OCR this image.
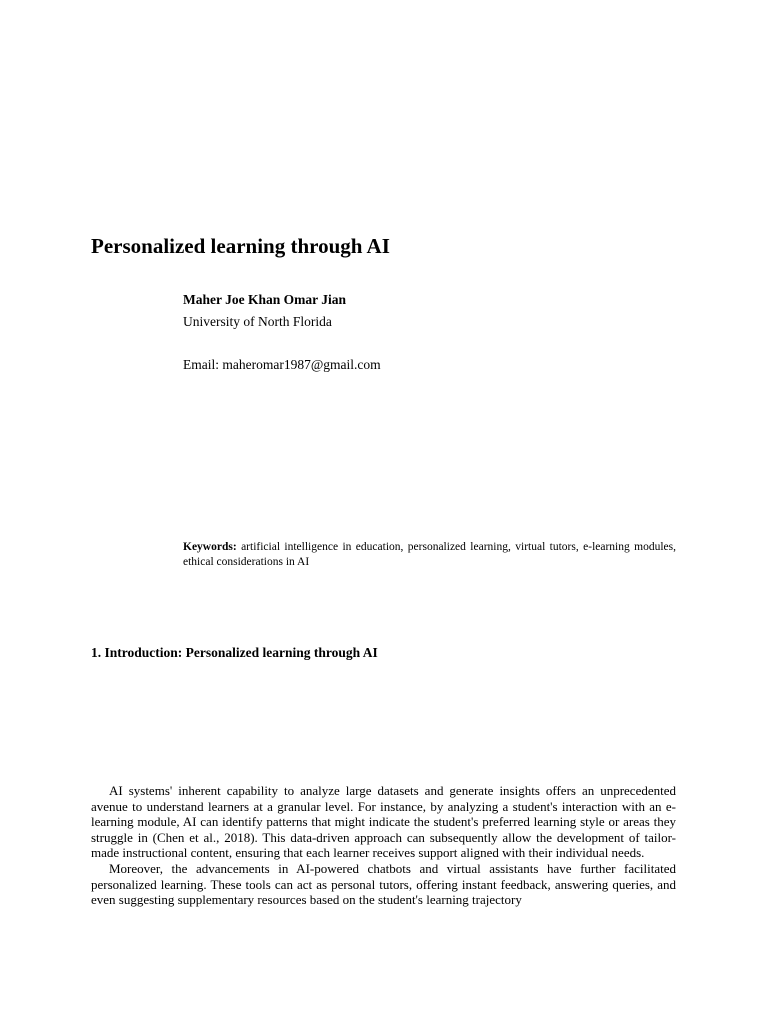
Personalized learning through AI

Maher Joe Khan Omar Jian

University of North Florida

Email: maheromar1987@gmail.com

Keywords: artificial intelligence in education, personalized learning, virtual tutors, e-learning modules, ethical considerations in AI

1. Introduction: Personalized learning through AI

AI systems' inherent capability to analyze large datasets and generate insights offers an unprecedented avenue to understand learners at a granular level. For instance, by analyzing a student's interaction with an e-learning module, AI can identify patterns that might indicate the student's preferred learning style or areas they struggle in (Chen et al., 2018). This data-driven approach can subsequently allow the development of tailor-made instructional content, ensuring that each learner receives support aligned with their individual needs.

Moreover, the advancements in AI-powered chatbots and virtual assistants have further facilitated personalized learning. These tools can act as personal tutors, offering instant feedback, answering queries, and even suggesting supplementary resources based on the student's learning trajectory
